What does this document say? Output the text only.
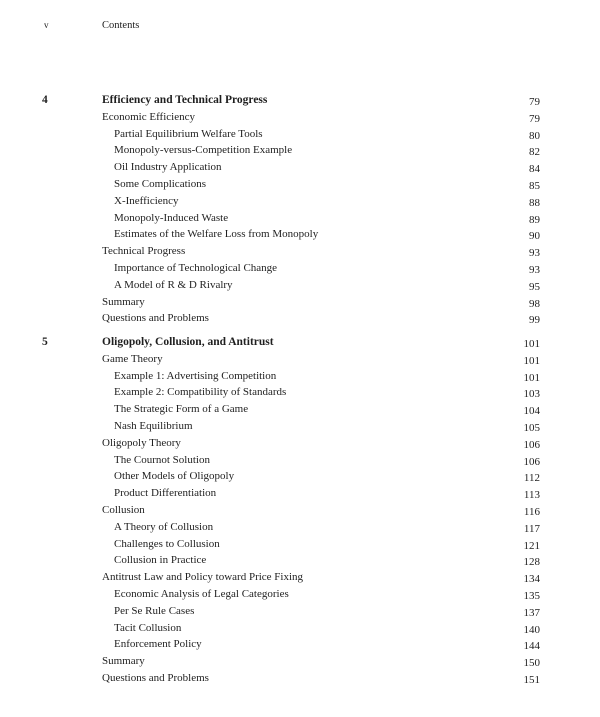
v	Contents
4	Efficiency and Technical Progress	79
Economic Efficiency	79
Partial Equilibrium Welfare Tools	80
Monopoly-versus-Competition Example	82
Oil Industry Application	84
Some Complications	85
X-Inefficiency	88
Monopoly-Induced Waste	89
Estimates of the Welfare Loss from Monopoly	90
Technical Progress	93
Importance of Technological Change	93
A Model of R & D Rivalry	95
Summary	98
Questions and Problems	99
5	Oligopoly, Collusion, and Antitrust	101
Game Theory	101
Example 1: Advertising Competition	101
Example 2: Compatibility of Standards	103
The Strategic Form of a Game	104
Nash Equilibrium	105
Oligopoly Theory	106
The Cournot Solution	106
Other Models of Oligopoly	112
Product Differentiation	113
Collusion	116
A Theory of Collusion	117
Challenges to Collusion	121
Collusion in Practice	128
Antitrust Law and Policy toward Price Fixing	134
Economic Analysis of Legal Categories	135
Per Se Rule Cases	137
Tacit Collusion	140
Enforcement Policy	144
Summary	150
Questions and Problems	151
